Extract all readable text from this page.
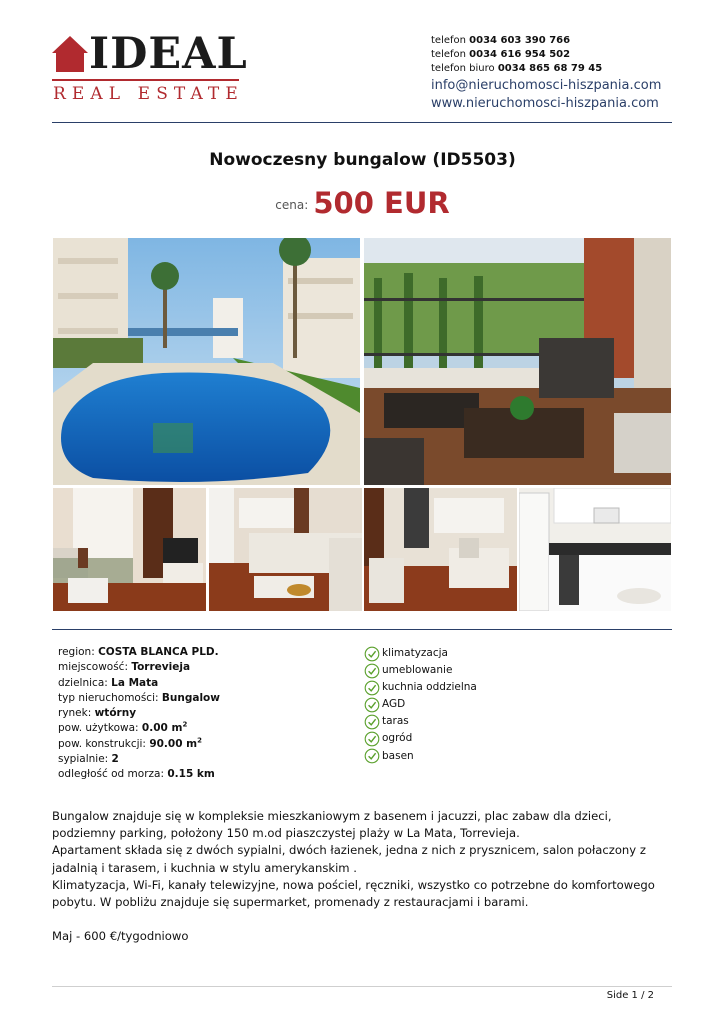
IDEAL
REAL ESTATE
telefon 0034 603 390 766
telefon 0034 616 954 502
telefon biuro 0034 865 68 79 45
info@nieruchomosci-hiszpania.com
www.nieruchomosci-hiszpania.com
Nowoczesny bungalow (ID5503)
$^{cena:}$ 500 EUR
region: COSTA BLANCA PLD.
miejscowość: Torrevieja
dzielnica: La Mata
typ nieruchomości: Bungalow
rynek: wtórny
pow. użytkowa: 0.00 $m^2$
pow. konstrukcji: 90.00 $m^2$
sypialnie: 2
odległość od morza: 0.15 km
klimatyzacja
umeblowanie
kuchnia oddzielna
AGD
taras
ogród
basen

Bungalow znajduje się w kompleksie mieszkaniowym z basenem i jacuzzi, plac zabaw dla dzieci, podziemny parking, położony 150 m.od piaszczystej plaży w La Mata, Torrevieja.

Apartament składa się z dwóch sypialni, dwóch łazienek, jedna z nich z prysznicem, salon połaczony z jadalnią i tarasem, i kuchnia w stylu amerykanskim .

Klimatyzacja, Wi-Fi, kanały telewizyjne, nowa pościel, ręczniki, wszystko co potrzebne do komfortowego pobytu. W pobliżu znajduje się supermarket, promenady z restauracjami i barami.

Maj - 600 €/tygodniowo

Side 1 / 2
